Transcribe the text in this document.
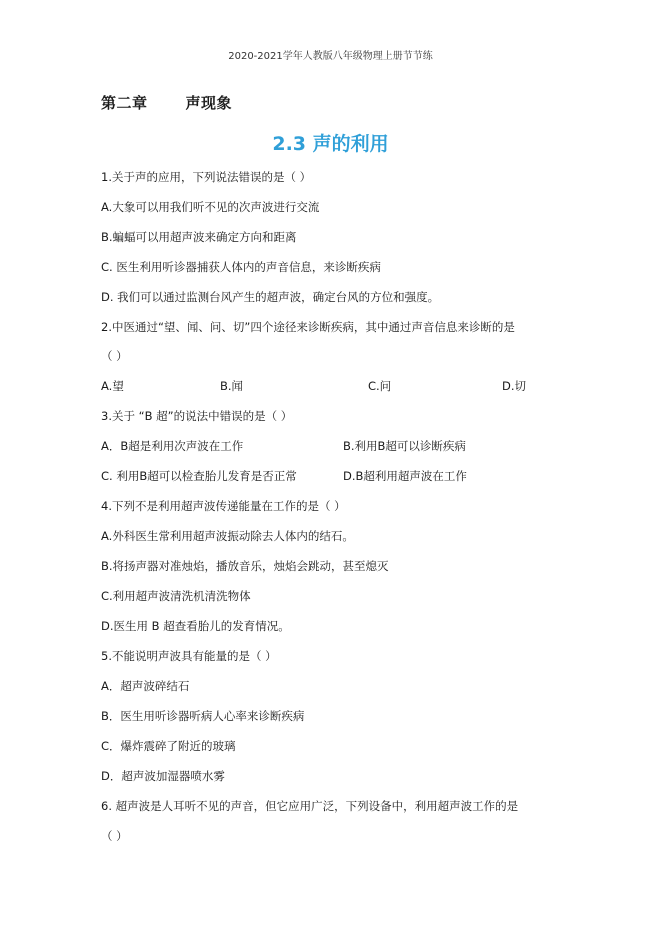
2020-2021学年人教版八年级物理上册节节练
第二章	声现象
2.3 声的利用
1.关于声的应用，下列说法错误的是（ ）
A.大象可以用我们听不见的次声波进行交流
B.蝙蝠可以用超声波来确定方向和距离
C. 医生利用听诊器捕获人体内的声音信息，来诊断疾病
D. 我们可以通过监测台风产生的超声波，确定台风的方位和强度。
2.中医通过“望、闻、问、切”四个途径来诊断疾病，其中通过声音信息来诊断的是
（ ）
A.望	B.闻	C.问	D.切
3.关于 “B 超”的说法中错误的是（ ）
A．B超是利用次声波在工作	B.利用B超可以诊断疾病
C. 利用B超可以检查胎儿发育是否正常	D.B超利用超声波在工作
4.下列不是利用超声波传递能量在工作的是（ ）
A.外科医生常利用超声波振动除去人体内的结石。
B.将扬声器对准烛焰，播放音乐，烛焰会跳动，甚至熄灭
C.利用超声波清洗机清洗物体
D.医生用 B 超查看胎儿的发育情况。
5.不能说明声波具有能量的是（ ）
A．超声波碎结石
B．医生用听诊器听病人心率来诊断疾病
C．爆炸震碎了附近的玻璃
D．超声波加湿器喷水雾
6. 超声波是人耳听不见的声音，但它应用广泛，下列设备中，利用超声波工作的是
（ ）
